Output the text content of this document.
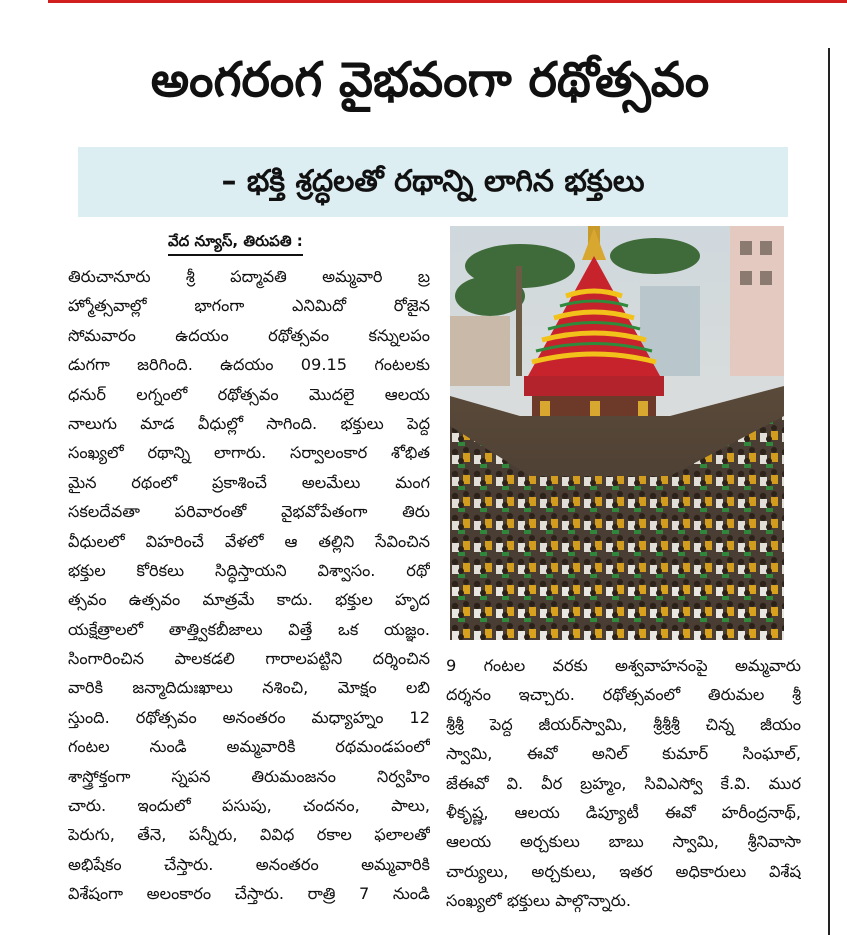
అంగరంగ వైభవంగా రథోత్సవం
– భక్తి శ్రద్ధలతో రథాన్ని లాగిన భక్తులు
వేద న్యూస్, తిరుపతి :
తిరుచానూరు శ్రీ పద్మావతి అమ్మవారి బ్ర
హ్మోత్సవాల్లో భాగంగా ఎనిమిదో రోజైన
సోమవారం ఉదయం రథోత్సవం కన్నులపం
డుగగా జరిగింది. ఉదయం 09.15 గంటలకు
ధనుర్ లగ్నంలో రథోత్సవం మొదలై ఆలయ
నాలుగు మాడ వీధుల్లో సాగింది. భక్తులు పెద్ద
సంఖ్యలో రథాన్ని లాగారు. సర్వాలంకార శోభిత
మైన రథంలో ప్రకాశించే అలమేలు మంగ
సకలదేవతా పరివారంతో వైభవోపేతంగా తిరు
వీధులలో విహరించే వేళలో ఆ తల్లిని సేవించిన
భక్తుల కోరికలు సిద్ధిస్తాయని విశ్వాసం. రథో
త్సవం ఉత్సవం మాత్రమే కాదు. భక్తుల హృద
యక్షేత్రాలలో తాత్త్వికబీజాలు విత్తే ఒక యజ్ఞం.
సింగారించిన పాలకడలి గారాలపట్టిని దర్శించిన
వారికి జన్మాదిదుఃఖాలు నశించి, మోక్షం లబి
స్తుంది. రథోత్సవం అనంతరం మధ్యాహ్నం 12
గంటల నుండి అమ్మవారికి రథమండపంలో
శాస్త్రోక్తంగా స్నపన తిరుమంజనం నిర్వహిం
చారు. ఇందులో పసుపు, చందనం, పాలు,
పెరుగు, తేనె, పన్నీరు, వివిధ రకాల ఫలాలతో
అభిషేకం చేస్తారు. అనంతరం అమ్మవారికి
విశేషంగా అలంకారం చేస్తారు. రాత్రి 7 నుండి
9 గంటల వరకు అశ్వవాహనంపై అమ్మవారు
దర్శనం ఇచ్చారు. రథోత్సవంలో తిరుమల శ్రీ
శ్రీశ్రీ పెద్ద జీయర్‌స్వామి, శ్రీశ్రీశ్రీ చిన్న జీయం
స్వామి, ఈవో అనిల్ కుమార్ సింఘాల్,
జేఈవో వి. వీర బ్రహ్మం, సివిఎస్వో కే.వి. ముర
ళీకృష్ణ, ఆలయ డిప్యూటీ ఈవో హరీంద్రనాథ్,
ఆలయ అర్చకులు బాబు స్వామి, శ్రీనివాసా
చార్యులు, అర్చకులు, ఇతర అధికారులు విశేష
సంఖ్యలో భక్తులు పాల్గొన్నారు.
